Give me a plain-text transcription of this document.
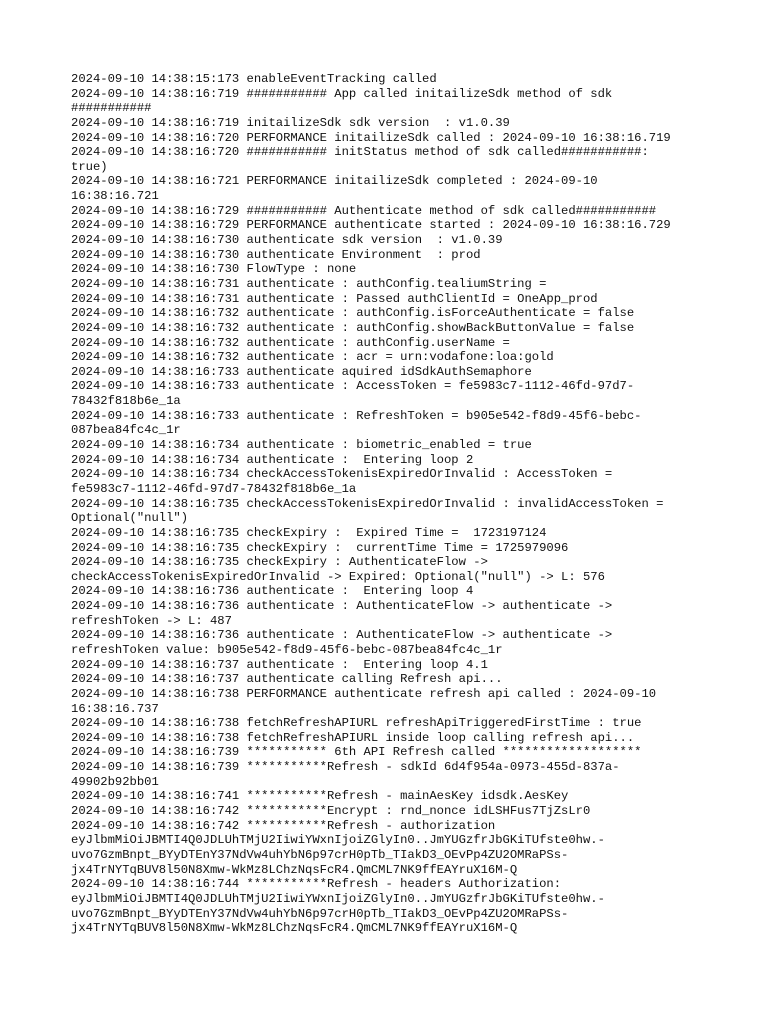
2024-09-10 14:38:15:173 enableEventTracking called
2024-09-10 14:38:16:719 ########### App called initailizeSdk method of sdk
###########
2024-09-10 14:38:16:719 initailizeSdk sdk version  : v1.0.39
2024-09-10 14:38:16:720 PERFORMANCE initailizeSdk called : 2024-09-10 16:38:16.719
2024-09-10 14:38:16:720 ########### initStatus method of sdk called###########:
true)
2024-09-10 14:38:16:721 PERFORMANCE initailizeSdk completed : 2024-09-10
16:38:16.721
2024-09-10 14:38:16:729 ########### Authenticate method of sdk called###########
2024-09-10 14:38:16:729 PERFORMANCE authenticate started : 2024-09-10 16:38:16.729
2024-09-10 14:38:16:730 authenticate sdk version  : v1.0.39
2024-09-10 14:38:16:730 authenticate Environment  : prod
2024-09-10 14:38:16:730 FlowType : none
2024-09-10 14:38:16:731 authenticate : authConfig.tealiumString =
2024-09-10 14:38:16:731 authenticate : Passed authClientId = OneApp_prod
2024-09-10 14:38:16:732 authenticate : authConfig.isForceAuthenticate = false
2024-09-10 14:38:16:732 authenticate : authConfig.showBackButtonValue = false
2024-09-10 14:38:16:732 authenticate : authConfig.userName =
2024-09-10 14:38:16:732 authenticate : acr = urn:vodafone:loa:gold
2024-09-10 14:38:16:733 authenticate aquired idSdkAuthSemaphore
2024-09-10 14:38:16:733 authenticate : AccessToken = fe5983c7-1112-46fd-97d7-
78432f818b6e_1a
2024-09-10 14:38:16:733 authenticate : RefreshToken = b905e542-f8d9-45f6-bebc-
087bea84fc4c_1r
2024-09-10 14:38:16:734 authenticate : biometric_enabled = true
2024-09-10 14:38:16:734 authenticate :  Entering loop 2
2024-09-10 14:38:16:734 checkAccessTokenisExpiredOrInvalid : AccessToken =
fe5983c7-1112-46fd-97d7-78432f818b6e_1a
2024-09-10 14:38:16:735 checkAccessTokenisExpiredOrInvalid : invalidAccessToken =
Optional("null")
2024-09-10 14:38:16:735 checkExpiry :  Expired Time =  1723197124
2024-09-10 14:38:16:735 checkExpiry :  currentTime Time = 1725979096
2024-09-10 14:38:16:735 checkExpiry : AuthenticateFlow ->
checkAccessTokenisExpiredOrInvalid -> Expired: Optional("null") -> L: 576
2024-09-10 14:38:16:736 authenticate :  Entering loop 4
2024-09-10 14:38:16:736 authenticate : AuthenticateFlow -> authenticate ->
refreshToken -> L: 487
2024-09-10 14:38:16:736 authenticate : AuthenticateFlow -> authenticate ->
refreshToken value: b905e542-f8d9-45f6-bebc-087bea84fc4c_1r
2024-09-10 14:38:16:737 authenticate :  Entering loop 4.1
2024-09-10 14:38:16:737 authenticate calling Refresh api...
2024-09-10 14:38:16:738 PERFORMANCE authenticate refresh api called : 2024-09-10
16:38:16.737
2024-09-10 14:38:16:738 fetchRefreshAPIURL refreshApiTriggeredFirstTime : true
2024-09-10 14:38:16:738 fetchRefreshAPIURL inside loop calling refresh api...
2024-09-10 14:38:16:739 *********** 6th API Refresh called *******************
2024-09-10 14:38:16:739 ***********Refresh - sdkId 6d4f954a-0973-455d-837a-
49902b92bb01
2024-09-10 14:38:16:741 ***********Refresh - mainAesKey idsdk.AesKey
2024-09-10 14:38:16:742 ***********Encrypt : rnd_nonce idLSHFus7TjZsLr0
2024-09-10 14:38:16:742 ***********Refresh - authorization
eyJlbmMiOiJBMTI4Q0JDLUhTMjU2IiwiYWxnIjoiZGlyIn0..JmYUGzfrJbGKiTUfste0hw.-
uvo7GzmBnpt_BYyDTEnY37NdVw4uhYbN6p97crH0pTb_TIakD3_OEvPp4ZU2OMRaPSs-
jx4TrNYTqBUV8l50N8Xmw-WkMz8LChzNqsFcR4.QmCML7NK9ffEAYruX16M-Q
2024-09-10 14:38:16:744 ***********Refresh - headers Authorization:
eyJlbmMiOiJBMTI4Q0JDLUhTMjU2IiwiYWxnIjoiZGlyIn0..JmYUGzfrJbGKiTUfste0hw.-
uvo7GzmBnpt_BYyDTEnY37NdVw4uhYbN6p97crH0pTb_TIakD3_OEvPp4ZU2OMRaPSs-
jx4TrNYTqBUV8l50N8Xmw-WkMz8LChzNqsFcR4.QmCML7NK9ffEAYruX16M-Q
